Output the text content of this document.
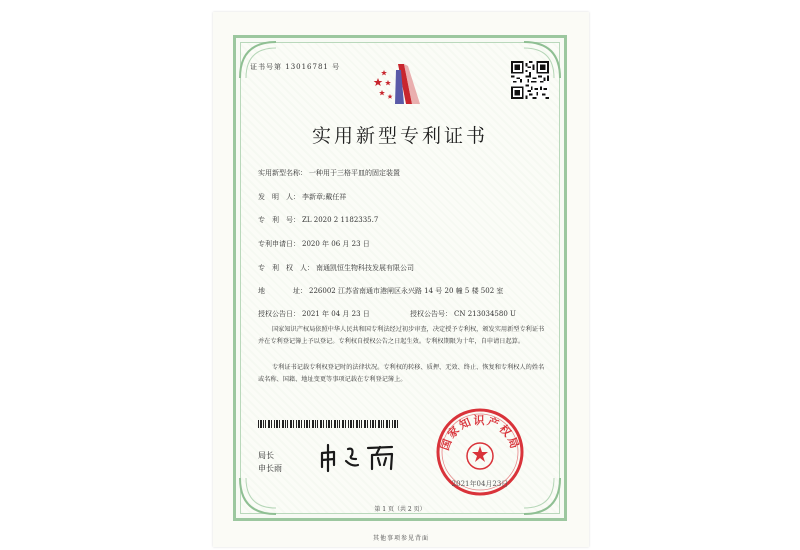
证书号第 13016781 号
实用新型专利证书
实用新型名称： 一种用于三格平皿的固定装置
发　明　人： 李新章;戴任祥
专　利　号： ZL 2020 2 1182335.7
专利申请日： 2020 年 06 月 23 日
专　利　权　人： 南通凯恒生物科技发展有限公司
地　　　　址： 226002 江苏省南通市港闸区永兴路 14 号 20 幢 5 楼 502 室
授权公告日： 2021 年 04 月 23 日	授权公告号： CN 213034580 U
国家知识产权局依照中华人民共和国专利法经过初步审查，决定授予专利权，颁发实用新型专利证书并在专利登记簿上予以登记。专利权自授权公告之日起生效。专利权期限为十年，自申请日起算。
专利证书记载专利权登记时的法律状况。专利权的转移、质押、无效、终止、恢复和专利权人的姓名或名称、国籍、地址变更等事项记载在专利登记簿上。
局长
申长雨
国家知识产权局
2021年04月23日
第 1 页（共 2 页）
其他事项参见背面
